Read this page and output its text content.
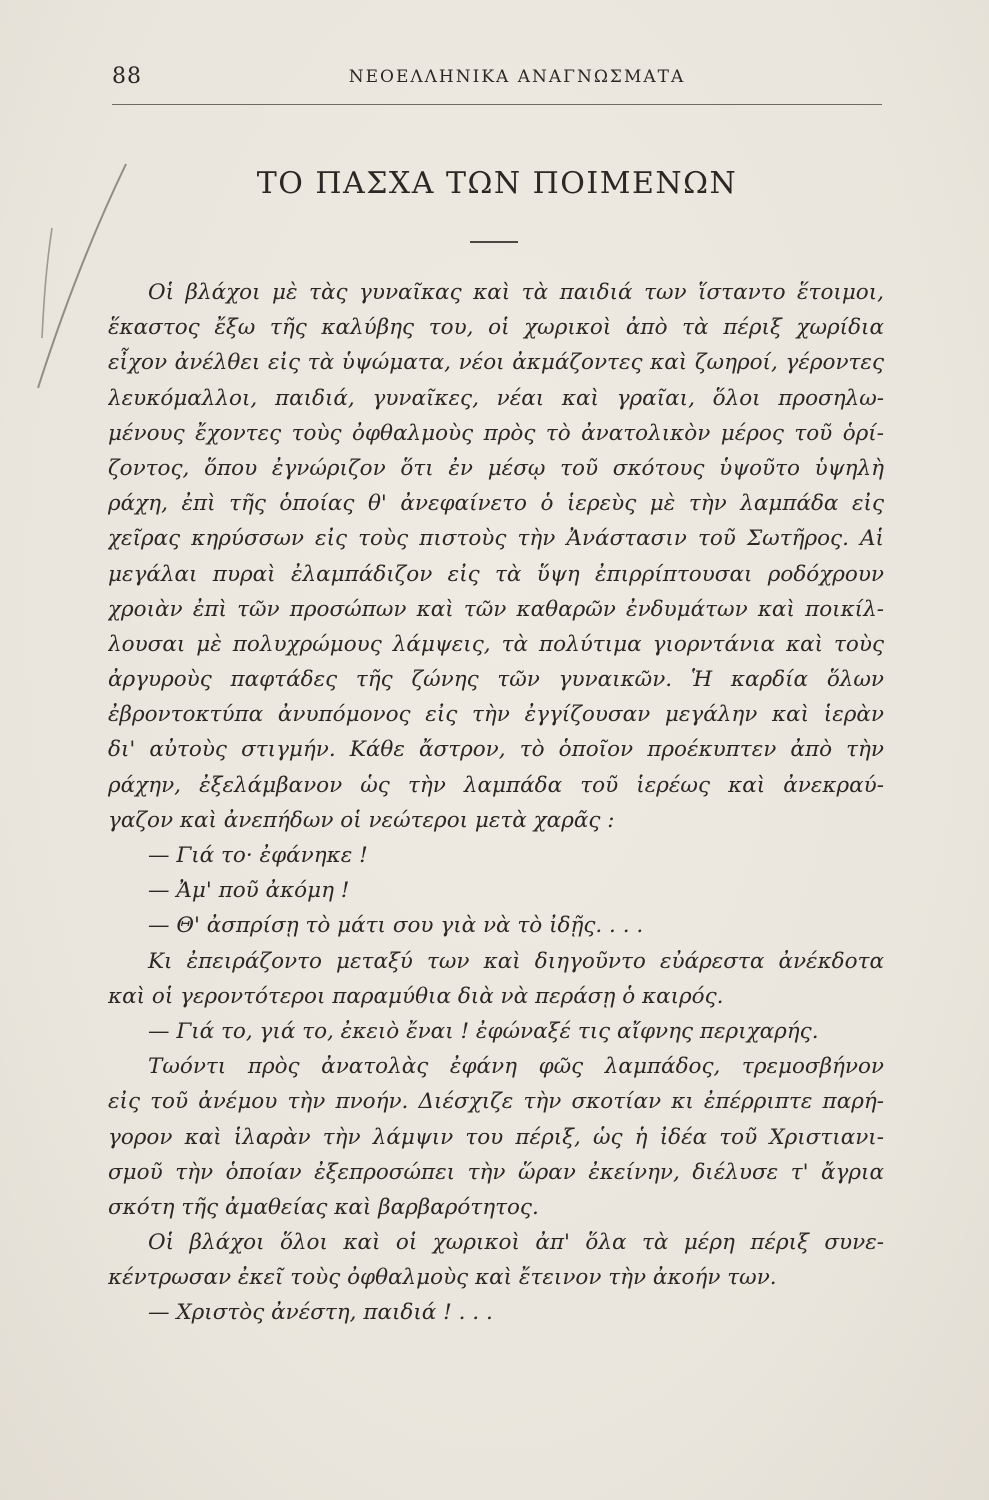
88	ΝΕΟΕΛΛΗΝΙΚΑ ΑΝΑΓΝΩΣΜΑΤΑ
ΤΟ ΠΑΣΧΑ ΤΩΝ ΠΟΙΜΕΝΩΝ
Οἱ βλάχοι μὲ τὰς γυναῖκας καὶ τὰ παιδιά των ἵσταντο ἕτοιμοι,
ἕκαστος ἔξω τῆς καλύβης του, οἱ χωρικοὶ ἀπὸ τὰ πέριξ χωρίδια
εἶχον ἀνέλθει εἰς τὰ ὑψώματα, νέοι ἀκμάζοντες καὶ ζωηροί, γέροντες
λευκόμαλλοι, παιδιά, γυναῖκες, νέαι καὶ γραῖαι, ὅλοι προσηλω-
μένους ἔχοντες τοὺς ὀφθαλμοὺς πρὸς τὸ ἀνατολικὸν μέρος τοῦ ὁρί-
ζοντος, ὅπου ἐγνώριζον ὅτι ἐν μέσῳ τοῦ σκότους ὑψοῦτο ὑψηλὴ
ράχη, ἐπὶ τῆς ὁποίας θ' ἀνεφαίνετο ὁ ἱερεὺς μὲ τὴν λαμπάδα εἰς
χεῖρας κηρύσσων εἰς τοὺς πιστοὺς τὴν Ἀνάστασιν τοῦ Σωτῆρος. Αἱ
μεγάλαι πυραὶ ἐλαμπάδιζον εἰς τὰ ὕψη ἐπιρρίπτουσαι ροδόχρουν
χροιὰν ἐπὶ τῶν προσώπων καὶ τῶν καθαρῶν ἐνδυμάτων καὶ ποικίλ-
λουσαι μὲ πολυχρώμους λάμψεις, τὰ πολύτιμα γιορντάνια καὶ τοὺς
ἀργυροὺς παφτάδες τῆς ζώνης τῶν γυναικῶν. Ἡ καρδία ὅλων
ἐβροντοκτύπα ἀνυπόμονος εἰς τὴν ἐγγίζουσαν μεγάλην καὶ ἱερὰν
δι' αὐτοὺς στιγμήν. Κάθε ἄστρον, τὸ ὁποῖον προέκυπτεν ἀπὸ τὴν
ράχην, ἐξελάμβανον ὡς τὴν λαμπάδα τοῦ ἱερέως καὶ ἀνεκραύ-
γαζον καὶ ἀνεπήδων οἱ νεώτεροι μετὰ χαρᾶς :
— Γιά το· ἐφάνηκε !
— Ἀμ' ποῦ ἀκόμη !
— Θ' ἀσπρίσῃ τὸ μάτι σου γιὰ νὰ τὸ ἰδῇς. . . .
Κι ἐπειράζοντο μεταξύ των καὶ διηγοῦντο εὐάρεστα ἀνέκδοτα
καὶ οἱ γεροντότεροι παραμύθια διὰ νὰ περάσῃ ὁ καιρός.
— Γιά το, γιά το, ἐκειὸ ἔναι ! ἐφώναξέ τις αἴφνης περιχαρής.
Τωόντι πρὸς ἀνατολὰς ἐφάνη φῶς λαμπάδος, τρεμοσβήνον
εἰς τοῦ ἀνέμου τὴν πνοήν. Διέσχιζε τὴν σκοτίαν κι ἐπέρριπτε παρή-
γορον καὶ ἱλαρὰν τὴν λάμψιν του πέριξ, ὡς ἡ ἰδέα τοῦ Χριστιανι-
σμοῦ τὴν ὁποίαν ἐξεπροσώπει τὴν ὥραν ἐκείνην, διέλυσε τ' ἄγρια
σκότη τῆς ἀμαθείας καὶ βαρβαρότητος.
Οἱ βλάχοι ὅλοι καὶ οἱ χωρικοὶ ἀπ' ὅλα τὰ μέρη πέριξ συνε-
κέντρωσαν ἐκεῖ τοὺς ὀφθαλμοὺς καὶ ἔτεινον τὴν ἀκοήν των.
— Χριστὸς ἀνέστη, παιδιά ! . . .
